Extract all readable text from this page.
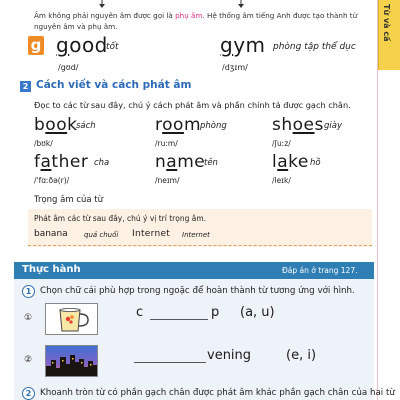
Từ và cấ
Âm không phải nguyên âm được gọi là phụ âm. Hệ thống âm tiếng Anh được tạo thành từ nguyên âm và phụ âm.
g good
tốt
/gʊd/
gym phòng tập thể dục
/dʒɪm/
2 Cách viết và cách phát âm
Đọc to các từ sau đây, chú ý cách phát âm và phần chính tả được gạch chân.
book
sách
/bʊk/
room phòng
/ruːm/
shoes giày
/ʃuːz/
father cha
/ˈfɑːðə(r)/
name
tên
/neɪm/
lake hồ
/leɪk/
Trọng âm của từ
Phát âm các từ sau đây, chú ý vị trí trọng âm.
banana quả chuối Internet Internet
Thực hành	Đáp án ở trang 127.
1	Chọn chữ cái phù hợp trong ngoặc để hoàn thành từ tương ứng với hình.
①	c	p (a, u)
②	vening	(e, i)
2	Khoanh tròn từ có phần gạch chân được phát âm khác phần gạch chân của hai từ
